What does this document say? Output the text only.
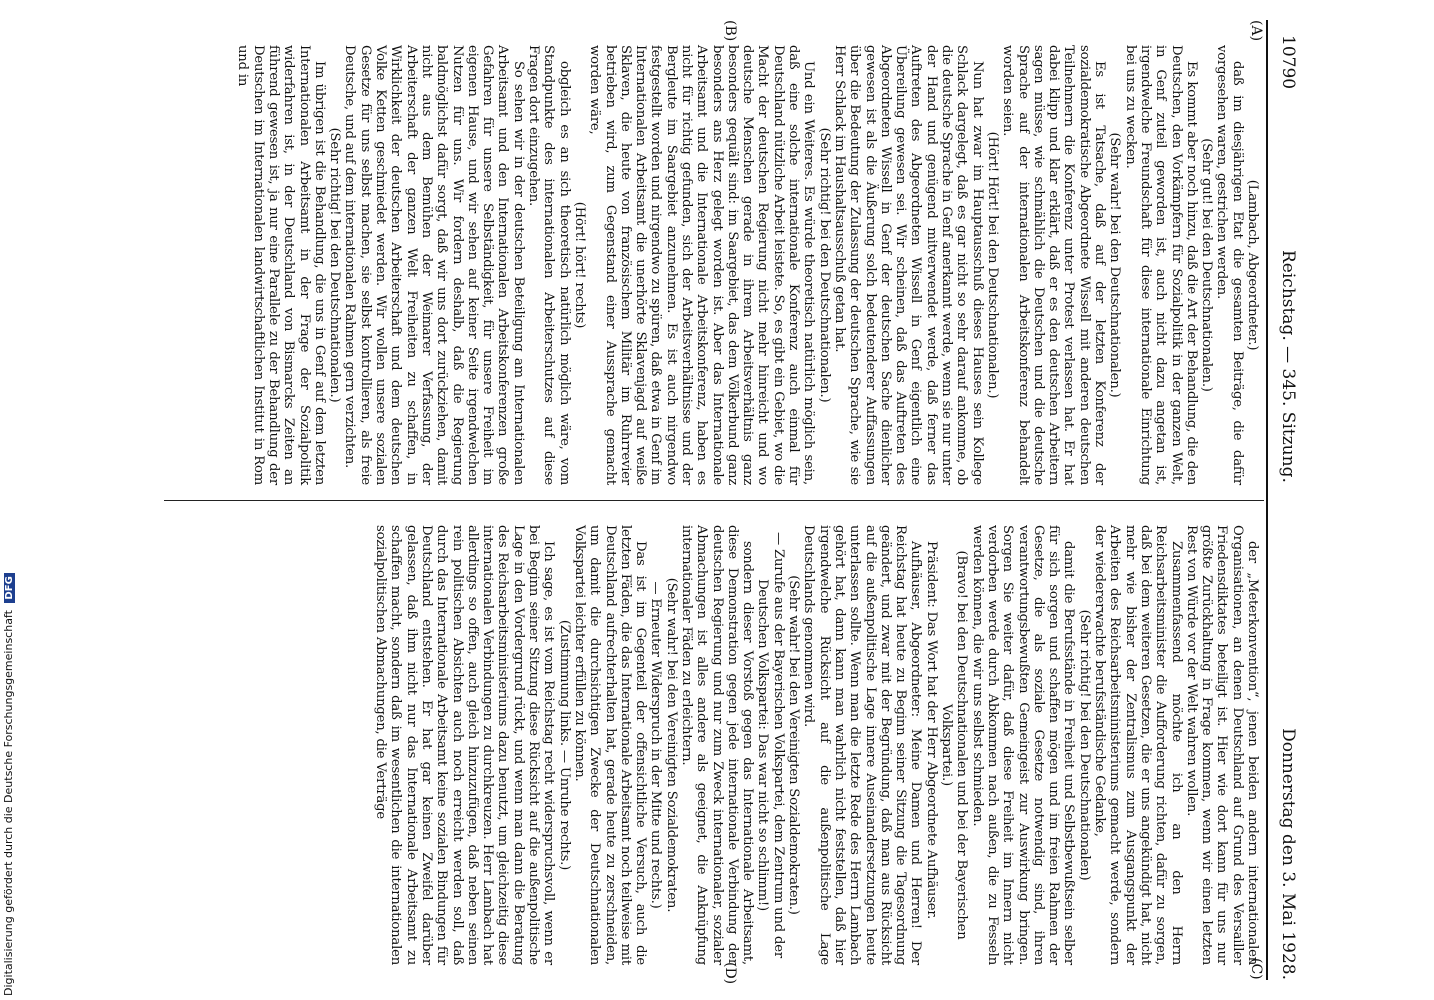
10790
Reichstag. — 345. Sitzung.
Donnerstag den 3. Mai 1928.
(A)
(B)
(C)
(D)

(Lambach, Abgeordneter.)

daß im diesjährigen Etat die gesamten Beiträge, die dafür vorgesehen waren, gestrichen werden.

(Sehr gut! bei den Deutschnationalen.)

Es kommt aber noch hinzu, daß die Art der Behandlung, die den Deutschen, den Vorkämpfern für Sozialpolitik in der ganzen Welt, in Genf zuteil geworden ist, auch nicht dazu angetan ist, irgendwelche Freundschaft für diese internationale Einrichtung bei uns zu wecken.

(Sehr wahr! bei den Deutschnationalen.)

Es ist Tatsache, daß auf der letzten Konferenz der sozialdemokratische Abgeordnete Wissell mit anderen deutschen Teilnehmern die Konferenz unter Protest verlassen hat. Er hat dabei klipp und klar erklärt, daß er es den deutschen Arbeitern sagen müsse, wie schmählich die Deutschen und die deutsche Sprache auf der internationalen Arbeitskonferenz behandelt worden seien.

(Hört! Hört! bei den Deutschnationalen.)

Nun hat zwar im Hauptausschuß dieses Hauses sein Kollege Schlack dargelegt, daß es gar nicht so sehr darauf ankomme, ob die deutsche Sprache in Genf anerkannt werde, wenn sie nur unter der Hand und genügend mitverwendet werde, daß ferner das Auftreten des Abgeordneten Wissell in Genf eigentlich eine Übereilung gewesen sei. Wir scheinen, daß das Auftreten des Abgeordneten Wissell in Genf der deutschen Sache dienlicher gewesen ist als die Äußerung solch bedeutenderer Auffassungen über die Bedeutung der Zulassung der deutschen Sprache, wie sie Herr Schlack im Haushaltsausschuß getan hat.

(Sehr richtig! bei den Deutschnationalen.)

Und ein Weiteres. Es würde theoretisch natürlich möglich sein, daß eine solche internationale Konferenz auch einmal für Deutschland nützliche Arbeit leistete. So, es gibt ein Gebiet, wo die Macht der deutschen Regierung nicht mehr hinreicht und wo deutsche Menschen gerade in ihrem Arbeitsverhältnis ganz besonders gequält sind: im Saargebiet, das dem Völkerbund ganz besonders ans Herz gelegt worden ist. Aber das Internationale Arbeitsamt und die Internationale Arbeitskonferenz, haben es nicht für richtig gefunden, sich der Arbeitsverhältnisse und der Bergleute im Saargebiet anzunehmen. Es ist auch nirgendwo festgestellt worden und nirgendwo zu spüren, daß etwa in Genf im Internationalen Arbeitsamt die unerhörte Sklavenjagd auf weiße Sklaven, die heute von französischem Militär im Ruhrrevier betrieben wird, zum Gegenstand einer Aussprache gemacht worden wäre,

(Hört! hört! rechts)

obgleich es an sich theoretisch natürlich möglich wäre, vom Standpunkte des internationalen Arbeiterschutzes auf diese Fragen dort einzugehen.

So sehen wir in der deutschen Beteiligung am Internationalen Arbeitsamt und den Internationalen Arbeitskonferenzen große Gefahren für unsere Selbständigkeit, für unsere Freiheit im eigenen Hause, und wir sehen auf keiner Seite irgendwelchen Nutzen für uns. Wir fordern deshalb, daß die Regierung baldmöglichst dafür sorgt, daß wir uns dort zurückziehen, damit nicht aus dem Bemühen der Weimarer Verfassung, der Arbeiterschaft der ganzen Welt Freiheiten zu schaffen, in Wirklichkeit der deutschen Arbeiterschaft und dem deutschen Volke Ketten geschmiedet werden. Wir wollen unsere sozialen Gesetze für uns selbst machen, sie selbst kontrollieren, als freie Deutsche, und auf dem internationalen Rahmen gern verzichten.

(Sehr richtig! bei den Deutschnationalen.)

Im übrigen ist die Behandlung, die uns in Genf auf dem letzten Internationalen Arbeitsamt in der Frage der Sozialpolitik widerfahren ist, in der Deutschland von Bismarcks Zeiten an führend gewesen ist, ja nur eine Parallele zu der Behandlung der Deutschen im Internationalen landwirtschaftlichen Institut in Rom und in

der „Meterkonvention“, jenen beiden andern internationalen Organisationen, an denen Deutschland auf Grund des Versailler Friedensdiktates beteiligt ist. Hier wie dort kann für uns nur größte Zurückhaltung in Frage kommen, wenn wir einen letzten Rest von Würde vor der Welt wahren wollen.

Zusammenfassend möchte ich an den Herrn Reichsarbeitsminister die Aufforderung richten, dafür zu sorgen, daß bei dem weiteren Gesetzen, die er uns angekündigt hat, nicht mehr wie bisher der Zentralismus zum Ausgangspunkt der Arbeiten des Reichsarbeitsministeriums gemacht werde, sondern der wiedererwachte berufsständische Gedanke,

(Sehr richtig! bei den Deutschnationalen)

damit die Berufsstände in Freiheit und Selbstbewußtsein selber für sich sorgen und schaffen mögen und im freien Rahmen der Gesetze, die als soziale Gesetze notwendig sind, ihren verantwortungsbewußten Gemeingeist zur Auswirkung bringen. Sorgen Sie weiter dafür, daß diese Freiheit im Innern nicht verdorben werde durch Abkommen nach außen, die zu Fesseln werden können, die wir uns selbst schmieden.

(Bravo! bei den Deutschnationalen und bei der Bayerischen Volkspartei.)

Präsident: Das Wort hat der Herr Abgeordnete Aufhäuser.

Aufhäuser, Abgeordneter: Meine Damen und Herren! Der Reichstag hat heute zu Beginn seiner Sitzung die Tagesordnung geändert, und zwar mit der Begründung, daß man aus Rücksicht auf die außenpolitische Lage innere Auseinandersetzungen heute unterlassen sollte. Wenn man die letzte Rede des Herrn Lambach gehört hat, dann kann man wahrlich nicht feststellen, daß hier irgendwelche Rücksicht auf die außenpolitische Lage Deutschlands genommen wird.

(Sehr wahr! bei den Vereinigten Sozialdemokraten.)

— Zurufe aus der Bayerischen Volkspartei, dem Zentrum und der Deutschen Volkspartei: Das war nicht so schlimm!)

sondern dieser Vorstoß gegen das Internationale Arbeitsamt, diese Demonstration gegen jede internationale Verbindung der deutschen Regierung und nur zum Zweck internationaler, sozialer Abmachungen ist alles andere als geeignet, die Anknüpfung internationaler Fäden zu erleichtern.

(Sehr wahr! bei den Vereinigten Sozialdemokraten.

— Erneuter Widerspruch in der Mitte und rechts.)

Das ist im Gegenteil der offensichtliche Versuch, auch die letzten Fäden, die das Internationale Arbeitsamt noch teilweise mit Deutschland aufrechterhalten hat, gerade heute zu zerschneiden, um damit die durchsichtigen Zwecke der Deutschnationalen Volkspartei leichter erfüllen zu können.

(Zustimmung links. — Unruhe rechts.)

Ich sage, es ist vom Reichstag recht widerspruchsvoll, wenn er bei Beginn seiner Sitzung diese Rücksicht auf die außenpolitische Lage in den Vordergrund rückt, und wenn man dann die Beratung des Reichsarbeitsministeriums dazu benutzt, um gleichzeitig diese internationalen Verbindungen zu durchkreuzen. Herr Lambach hat allerdings so offen, auch gleich hinzuzufügen, daß neben seinen rein politischen Absichten auch noch erreicht werden soll, daß durch das Internationale Arbeitsamt keine sozialen Bindungen für Deutschland entstehen. Er hat gar keinen Zweifel darüber gelassen, daß ihm nicht nur das Internationale Arbeitsamt zu schaffen macht, sondern daß im wesentlichen die internationalen sozialpolitischen Abmachungen, die Verträge

Digitalisierung gefördert durch die Deutsche Forschungsgemeinschaft DFG
